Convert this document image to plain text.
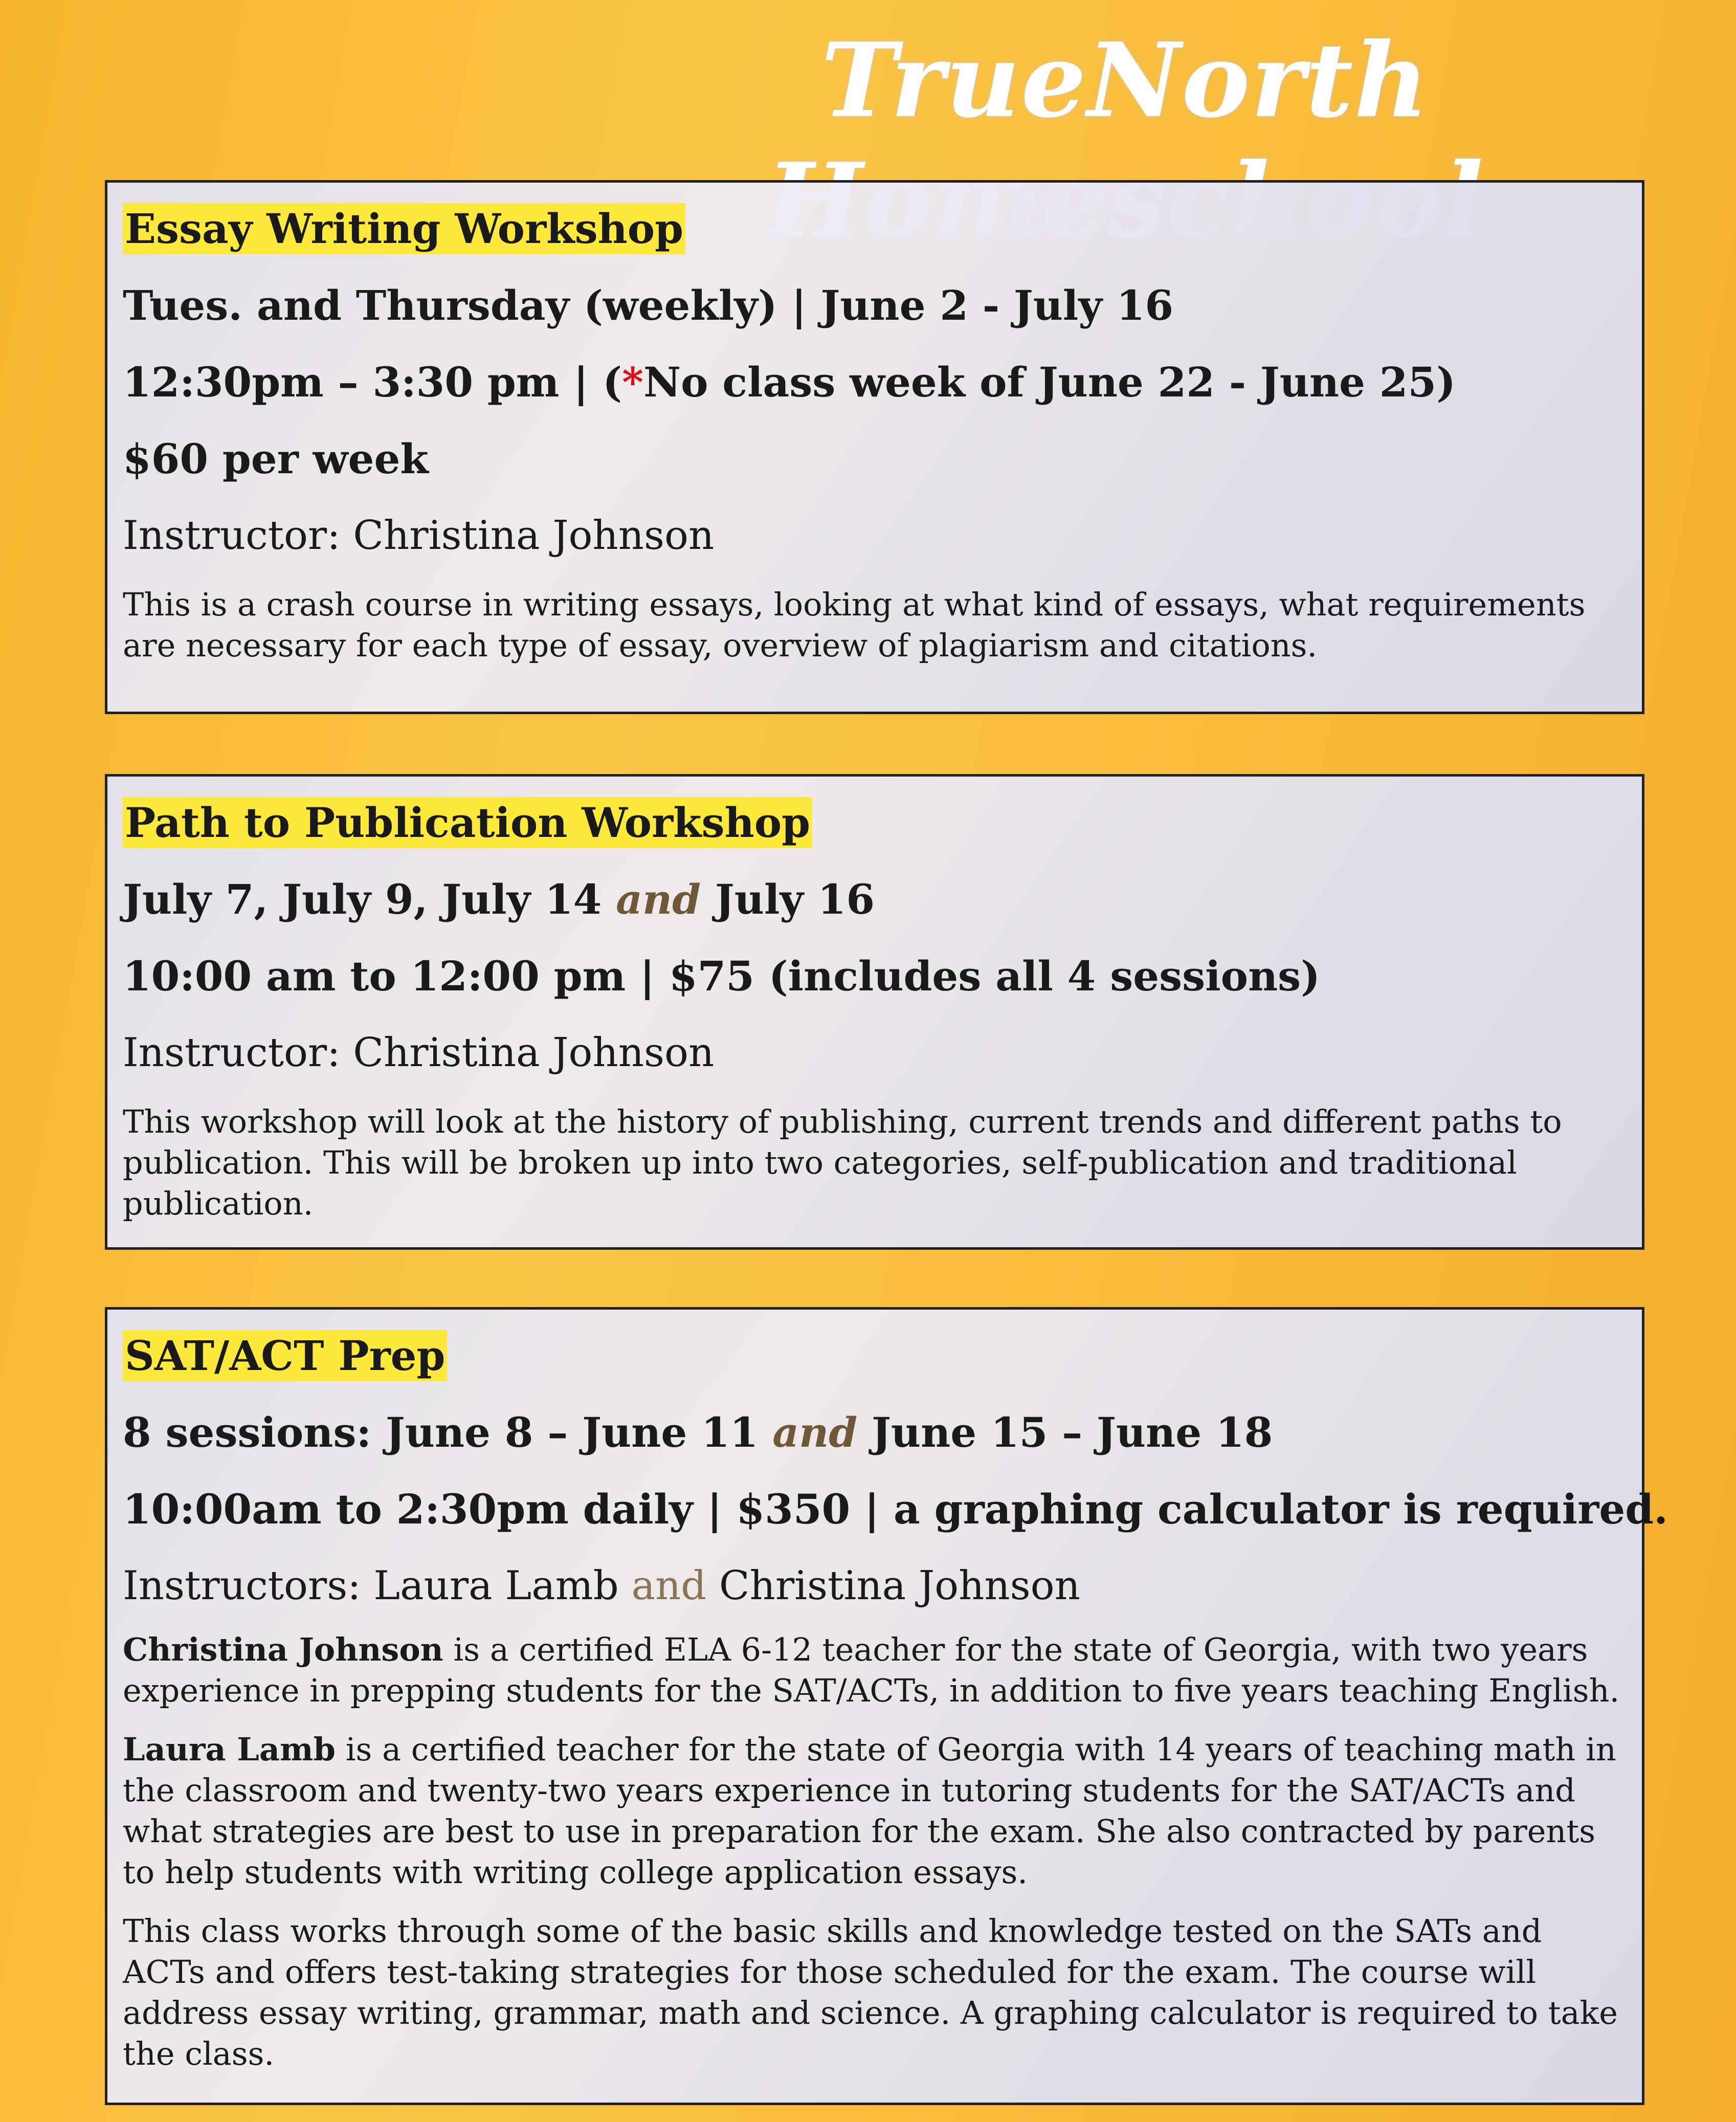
TrueNorth
Essay Writing Workshop
Tues. and Thursday (weekly) | June 2 - July 16
12:30pm – 3:30 pm | (*No class week of June 22 - June 25)
$60 per week
Instructor: Christina Johnson
This is a crash course in writing essays, looking at what kind of essays, what requirements are necessary for each type of essay, overview of plagiarism and citations.
Path to Publication Workshop
July 7, July 9, July 14 and July 16
10:00 am to 12:00 pm | $75 (includes all 4 sessions)
Instructor: Christina Johnson
This workshop will look at the history of publishing, current trends and different paths to publication. This will be broken up into two categories, self-publication and traditional publication.
SAT/ACT Prep
8 sessions: June 8 – June 11 and June 15 – June 18
10:00am to 2:30pm daily | $350 | a graphing calculator is required.
Instructors: Laura Lamb and Christina Johnson
Christina Johnson is a certified ELA 6-12 teacher for the state of Georgia, with two years experience in prepping students for the SAT/ACTs, in addition to five years teaching English.
Laura Lamb is a certified teacher for the state of Georgia with 14 years of teaching math in the classroom and twenty-two years experience in tutoring students for the SAT/ACTs and what strategies are best to use in preparation for the exam. She also contracted by parents to help students with writing college application essays.
This class works through some of the basic skills and knowledge tested on the SATs and ACTs and offers test-taking strategies for those scheduled for the exam. The course will address essay writing, grammar, math and science. A graphing calculator is required to take the class.
